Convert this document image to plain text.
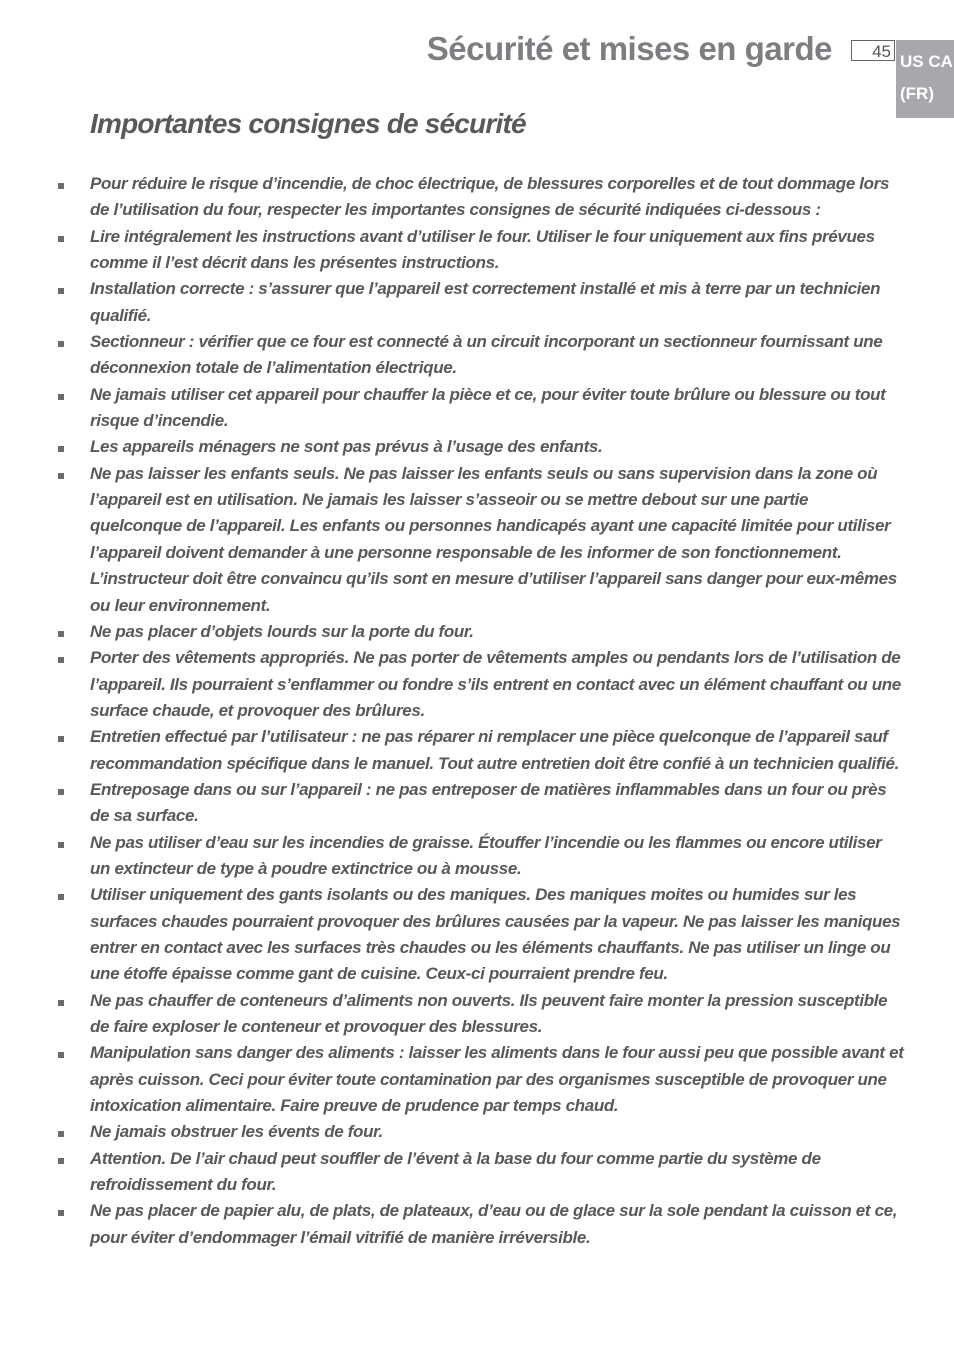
Sécurité et mises en garde	45
US CA
(FR)
Importantes consignes de sécurité
Pour réduire le risque d’incendie, de choc électrique, de blessures corporelles et de tout dommage lors de l’utilisation du four, respecter les importantes consignes de sécurité indiquées ci-dessous :
Lire intégralement les instructions avant d’utiliser le four. Utiliser le four uniquement aux fins prévues comme il l’est décrit dans les présentes instructions.
Installation correcte : s’assurer que l’appareil est correctement installé et mis à terre par un technicien qualifié.
Sectionneur : vérifier que ce four est connecté à un circuit incorporant un sectionneur fournissant une déconnexion totale de l’alimentation électrique.
Ne jamais utiliser cet appareil pour chauffer la pièce et ce, pour éviter toute brûlure ou blessure ou tout risque d’incendie.
Les appareils ménagers ne sont pas prévus à l’usage des enfants.
Ne pas laisser les enfants seuls. Ne pas laisser les enfants seuls ou sans supervision dans la zone où l’appareil est en utilisation. Ne jamais les laisser s’asseoir ou se mettre debout sur une partie quelconque de l’appareil. Les enfants ou personnes handicapés ayant une capacité limitée pour utiliser l’appareil doivent demander à une personne responsable de les informer de son fonctionnement. L’instructeur doit être convaincu qu’ils sont en mesure d’utiliser l’appareil sans danger pour eux-mêmes ou leur environnement.
Ne pas placer d’objets lourds sur la porte du four.
Porter des vêtements appropriés. Ne pas porter de vêtements amples ou pendants lors de l’utilisation de l’appareil. Ils pourraient s’enflammer ou fondre s’ils entrent en contact avec un élément chauffant ou une surface chaude, et provoquer des brûlures.
Entretien effectué par l’utilisateur : ne pas réparer ni remplacer une pièce quelconque de l’appareil sauf recommandation spécifique dans le manuel. Tout autre entretien doit être confié à un technicien qualifié.
Entreposage dans ou sur l’appareil : ne pas entreposer de matières inflammables dans un four ou près de sa surface.
Ne pas utiliser d’eau sur les incendies de graisse. Étouffer l’incendie ou les flammes ou encore utiliser un extincteur de type à poudre extinctrice ou à mousse.
Utiliser uniquement des gants isolants ou des maniques. Des maniques moites ou humides sur les surfaces chaudes pourraient provoquer des brûlures causées par la vapeur. Ne pas laisser les maniques entrer en contact avec les surfaces très chaudes ou les éléments chauffants. Ne pas utiliser un linge ou une étoffe épaisse comme gant de cuisine. Ceux-ci pourraient prendre feu.
Ne pas chauffer de conteneurs d’aliments non ouverts. Ils peuvent faire monter la pression susceptible de faire exploser le conteneur et provoquer des blessures.
Manipulation sans danger des aliments : laisser les aliments dans le four aussi peu que possible avant et après cuisson. Ceci pour éviter toute contamination par des organismes susceptible de provoquer une intoxication alimentaire. Faire preuve de prudence par temps chaud.
Ne jamais obstruer les évents de four.
Attention. De l’air chaud peut souffler de l’évent à la base du four comme partie du système de refroidissement du four.
Ne pas placer de papier alu, de plats, de plateaux, d’eau ou de glace sur la sole pendant la cuisson et ce, pour éviter d’endommager l’émail vitrifié de manière irréversible.
